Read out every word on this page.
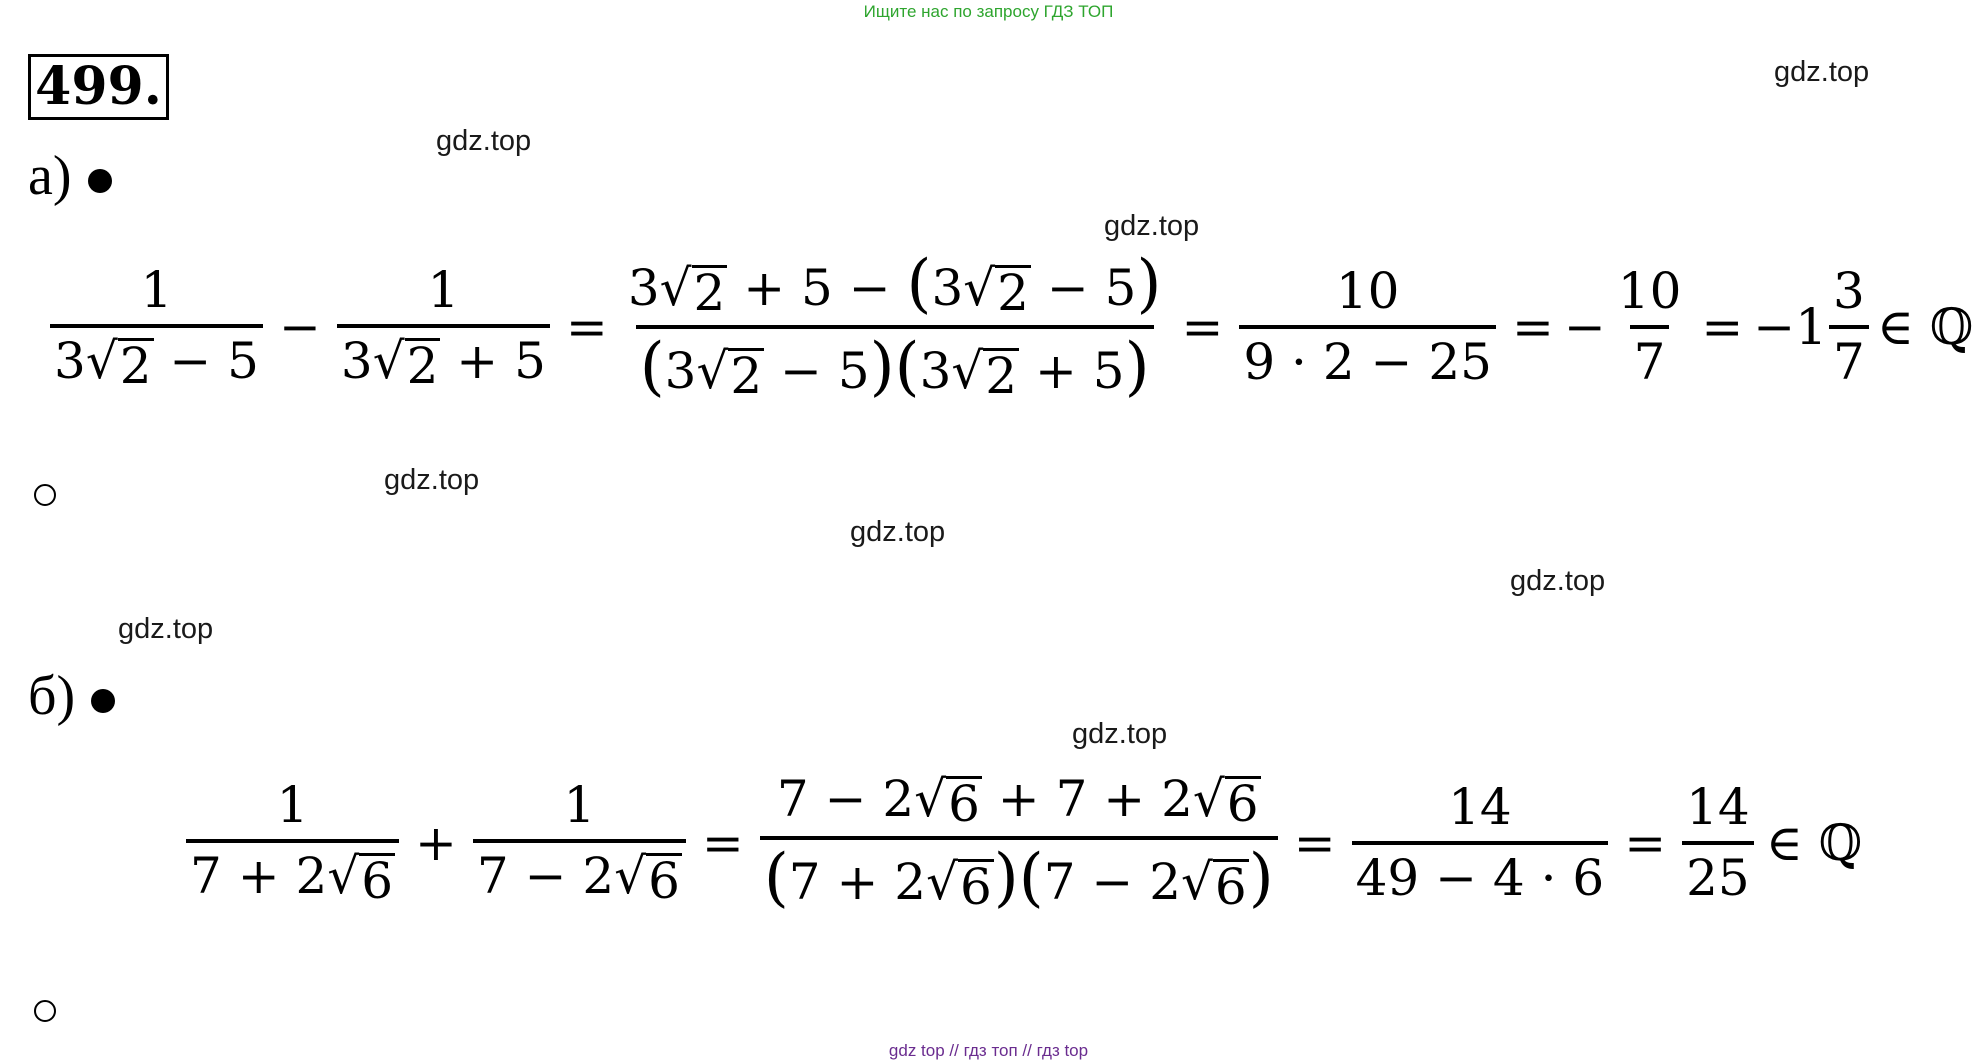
Ищите нас по запросу ГДЗ ТОП
499.	gdz.top
gdz.top
gdz.top
gdz.top
gdz.top
gdz.top
gdz.top
gdz.top
а)
$\frac{1}{3 √ 2 - 5} - \frac{1}{3 √ 2 + 5} = \frac{3 √ 2 + 5 - (3 √ 2 - 5)}{(3 √ 2 - 5)(3 √ 2 + 5)} = \frac{10}{9 \cdot 2 - 25}$ = − $\frac{10}{7} = -1 \frac{3}{7}$ ∈ ℚ
б)
$\frac{1}{7 + 2 √ 6} + \frac{1}{7 - 2 √ 6} = \frac{7 - 2 √ 6 + 7 + 2 √ 6}{(7 + 2 √ 6 )(7 - 2 √ 6 )} = \frac{14}{49 - 4 \cdot 6} = \frac{14}{25}$ ∈ ℚ
gdz top // гдз топ // гдз top
